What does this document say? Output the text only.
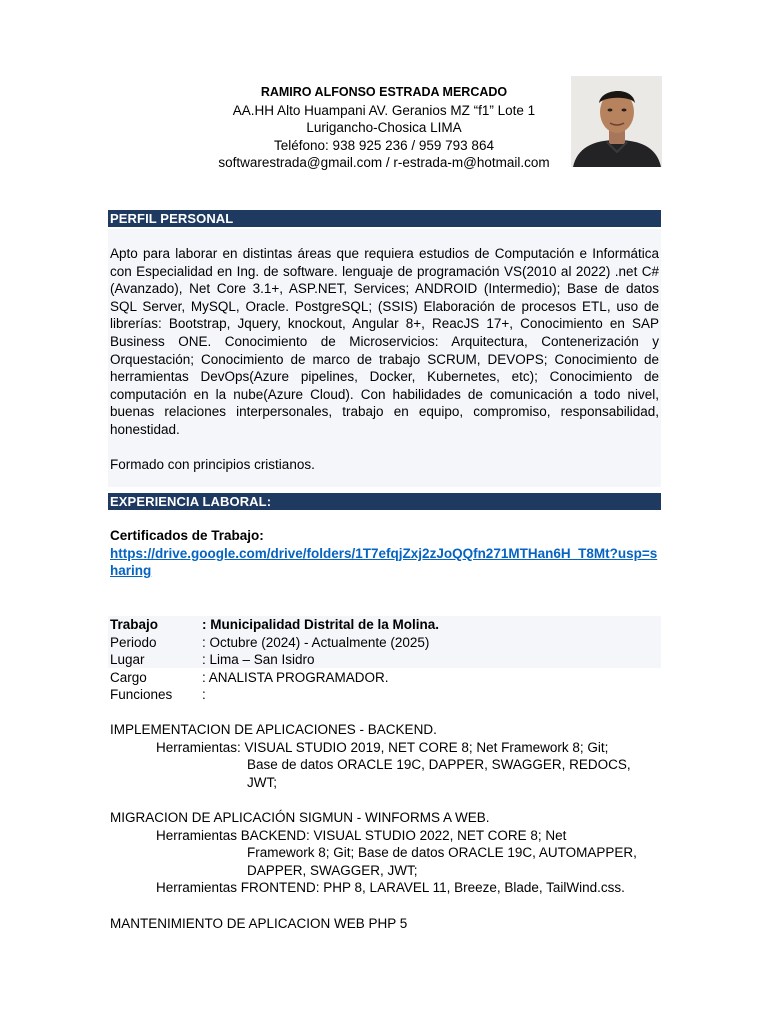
RAMIRO ALFONSO ESTRADA MERCADO
AA.HH Alto Huampani AV. Geranios MZ “f1” Lote 1
Lurigancho-Chosica LIMA
Teléfono: 938 925 236 / 959 793 864
softwarestrada@gmail.com / r-estrada-m@hotmail.com
PERFIL PERSONAL

Apto para laborar en distintas áreas que requiera estudios de Computación e Informática con Especialidad en Ing. de software. lenguaje de programación VS(2010 al 2022) .net C#(Avanzado), Net Core 3.1+, ASP.NET, Services; ANDROID (Intermedio); Base de datos SQL Server, MySQL, Oracle. PostgreSQL; (SSIS) Elaboración de procesos ETL, uso de librerías: Bootstrap, Jquery, knockout, Angular 8+, ReacJS 17+, Conocimiento en SAP Business ONE. Conocimiento de Microservicios: Arquitectura, Contenerización y Orquestación; Conocimiento de marco de trabajo SCRUM, DEVOPS; Conocimiento de herramientas DevOps(Azure pipelines, Docker, Kubernetes, etc); Conocimiento de computación en la nube(Azure Cloud). Con habilidades de comunicación a todo nivel, buenas relaciones interpersonales, trabajo en equipo, compromiso, responsabilidad, honestidad.

Formado con principios cristianos.

EXPERIENCIA LABORAL:
Certificados de Trabajo:
https://drive.google.com/drive/folders/1T7efqjZxj2zJoQQfn271MTHan6H_T8Mt?usp=sharing
Trabajo	: Municipalidad Distrital de la Molina.
Periodo	: Octubre (2024) - Actualmente (2025)
Lugar	: Lima – San Isidro
Cargo	: ANALISTA PROGRAMADOR.
Funciones	:
IMPLEMENTACION DE APLICACIONES - BACKEND.
Herramientas: VISUAL STUDIO 2019, NET CORE 8; Net Framework 8; Git;
Base de datos ORACLE 19C, DAPPER, SWAGGER, REDOCS, JWT;
MIGRACION DE APLICACIÓN SIGMUN - WINFORMS A WEB.
Herramientas BACKEND: VISUAL STUDIO 2022, NET CORE 8; Net
Framework 8; Git; Base de datos ORACLE 19C, AUTOMAPPER, DAPPER, SWAGGER, JWT;
Herramientas FRONTEND: PHP 8, LARAVEL 11, Breeze, Blade, TailWind.css.
MANTENIMIENTO DE APLICACION WEB PHP 5
